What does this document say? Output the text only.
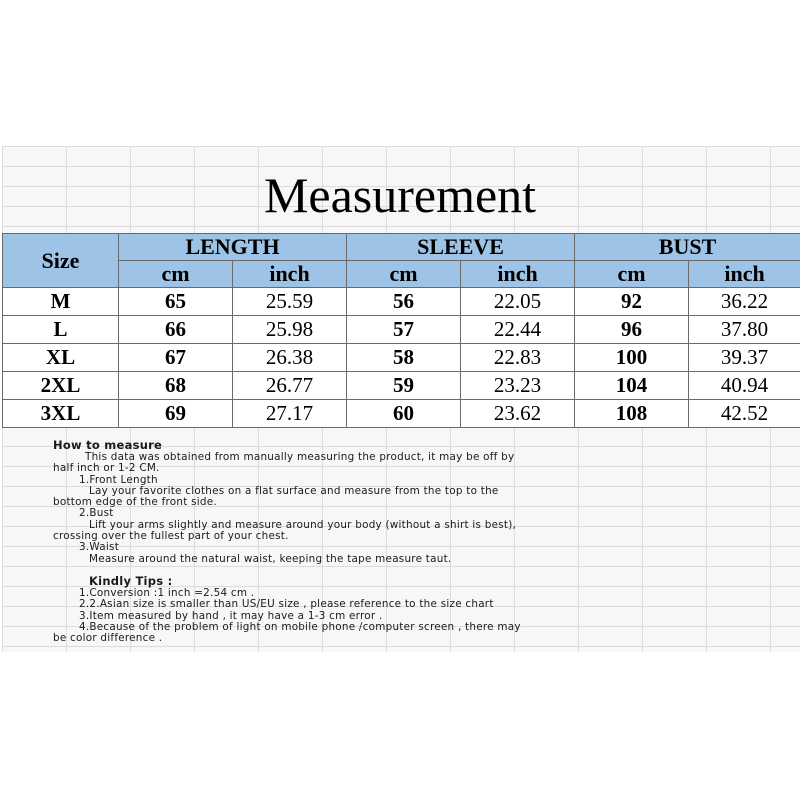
Measurement
Size	LENGTH		SLEEVE		BUST	
	cm	inch	cm	inch	cm	inch
M	65	25.59	56	22.05	92	36.22
L	66	25.98	57	22.44	96	37.80
XL	67	26.38	58	22.83	100	39.37
2XL	68	26.77	59	23.23	104	40.94
3XL	69	27.17	60	23.62	108	42.52
How to measure
This data was obtained from manually measuring the product, it may be off by
half inch or 1-2 CM.
1.Front Length
Lay your favorite clothes on a flat surface and measure from the top to the
bottom edge of the front side.
2.Bust
Lift your arms slightly and measure around your body (without a shirt is best),
crossing over the fullest part of your chest.
3.Waist
Measure around the natural waist, keeping the tape measure taut.
Kindly Tips :
1.Conversion :1 inch =2.54 cm .
2.2.Asian size is smaller than US/EU size , please reference to the size chart
3.Item measured by hand , it may have a 1-3 cm error .
4.Because of the problem of light on mobile phone /computer screen , there may
be color difference .
